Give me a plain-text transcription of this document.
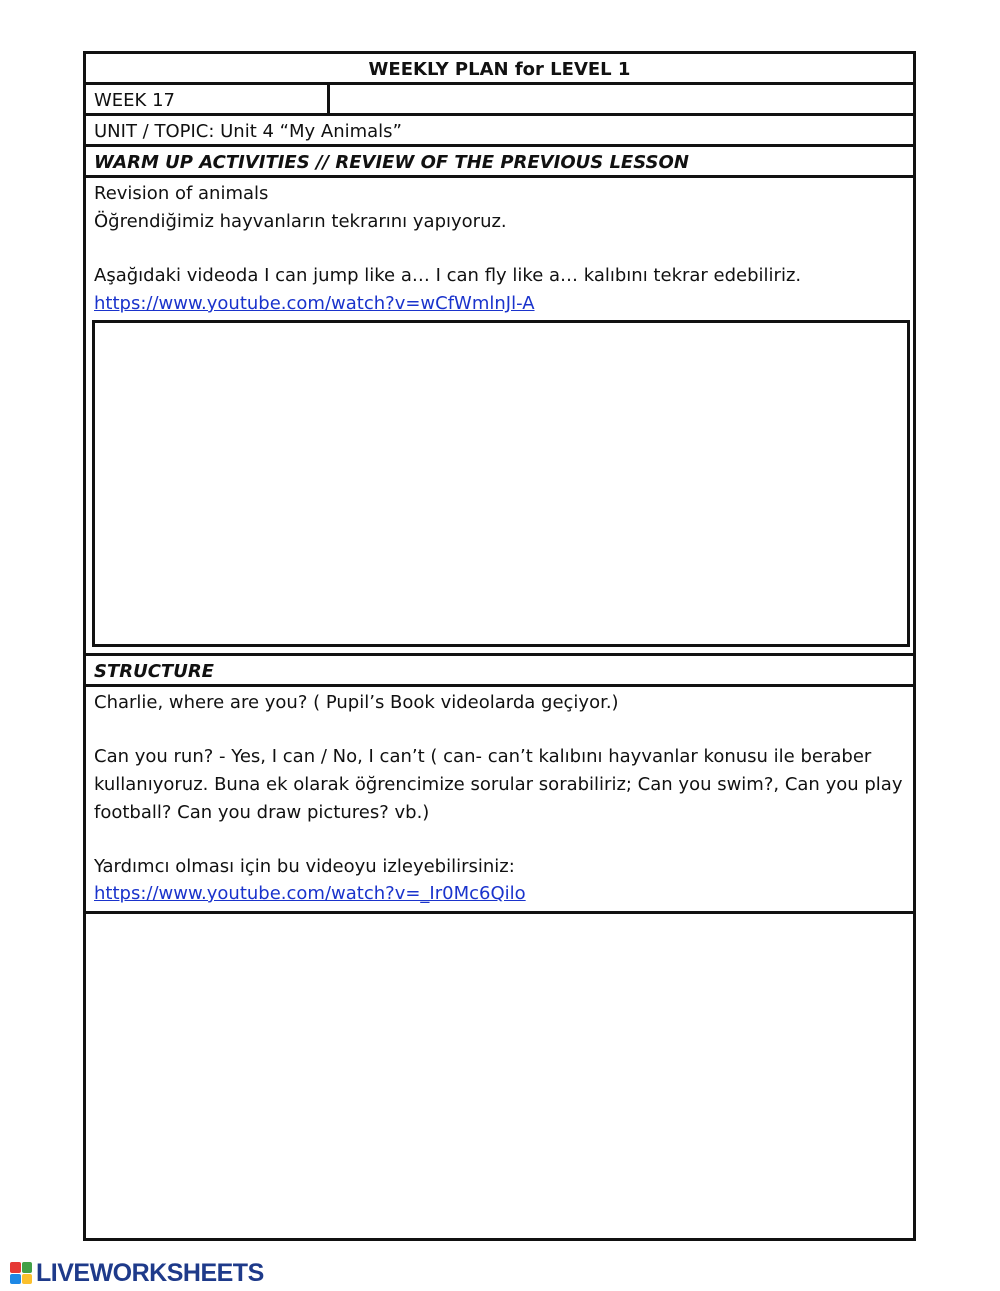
WEEKLY PLAN for LEVEL 1
WEEK 17
UNIT / TOPIC: Unit 4 “My Animals”
WARM UP ACTIVITIES // REVIEW OF THE PREVIOUS LESSON
Revision of animals
Öğrendiğimiz hayvanların tekrarını yapıyoruz.
Aşağıdaki videoda I can jump like a… I can fly like a… kalıbını tekrar edebiliriz.
https://www.youtube.com/watch?v=wCfWmlnJl-A
STRUCTURE
Charlie, where are you? ( Pupil’s Book videolarda geçiyor.)
Can you run? - Yes, I can / No, I can’t ( can- can’t kalıbını hayvanlar konusu ile beraber
kullanıyoruz. Buna ek olarak öğrencimize sorular sorabiliriz; Can you swim?, Can you play
football? Can you draw pictures? vb.)
Yardımcı olması için bu videoyu izleyebilirsiniz:
https://www.youtube.com/watch?v=_Ir0Mc6Qilo
LIVEWORKSHEETS
